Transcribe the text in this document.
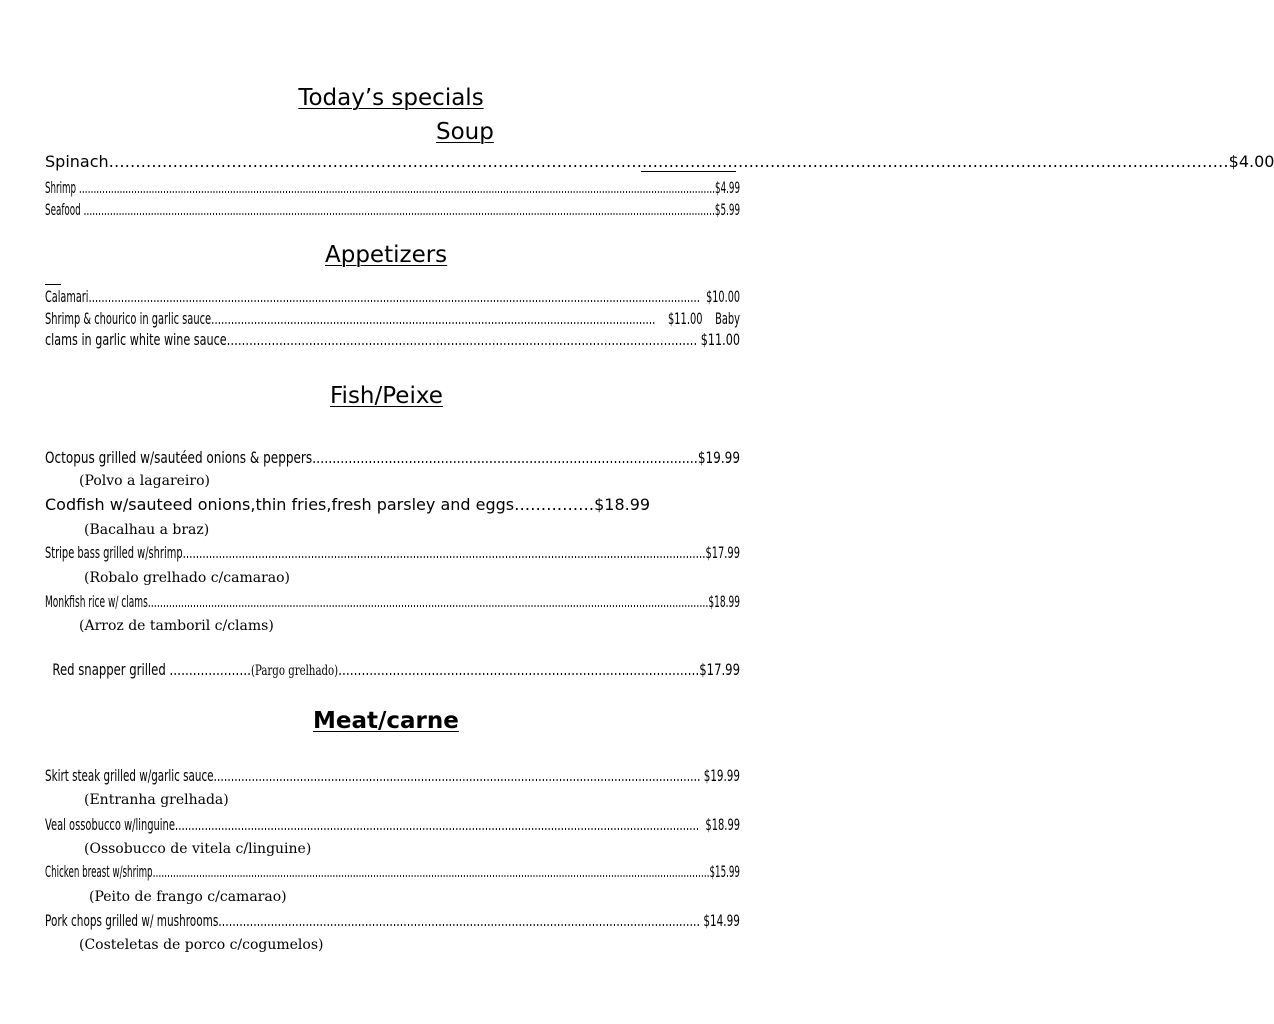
Today’s specials
Soup
Spinach…………………………………………………………………………………………………………………………………………………………………………………………$4.00
Shrimp …………………………………………………………………………………………………………………………………………………………………………………………………$4.99
Seafood ………………………………………………………………………………………………………………………………………………………………………………………………$5.99
Appetizers
Calamari………………………………………………………………………………………………………………………………………………………………………  $10.00
Shrimp & chourico in garlic sauce………………………………………………………………………………………………………………………    $11.00    Baby
clams in garlic white wine sauce……………………………………………………………………………………………………………… $11.00
Fish/Peixe
Octopus grilled w/sautéed onions & peppers……………………………………………………………………………………$19.99
(Polvo a lagareiro)
Codfish w/sauteed onions,thin fries,fresh parsley and eggs……………$18.99
(Bacalhau a braz)
Stripe bass grilled w/shrimp……………………………………………………………………………………………………………………………………………$17.99
(Robalo grelhado c/camarao)
Monkfish rice w/ clams……………………………………………………………………………………………………………………………………………………………………$18.99
(Arroz de tamboril c/clams)

Red snapper grilled …………………(Pargo grelhado)…………………………………………………………………………………$17.99

Meat/carne
Skirt steak grilled w/garlic sauce…………………………………………………………………………………………………………………………… $19.99
(Entranha grelhada)
Veal ossobucco w/linguine……………………………………………………………………………………………………………………………………………  $18.99
(Ossobucco de vitela c/linguine)
Chicken breast w/shrimp…………………………………………………………………………………………………………………………………………………………………………$15.99
(Peito de frango c/camarao)
Pork chops grilled w/ mushrooms………………………………………………………………………………………………………………………… $14.99
(Costeletas de porco c/cogumelos)
